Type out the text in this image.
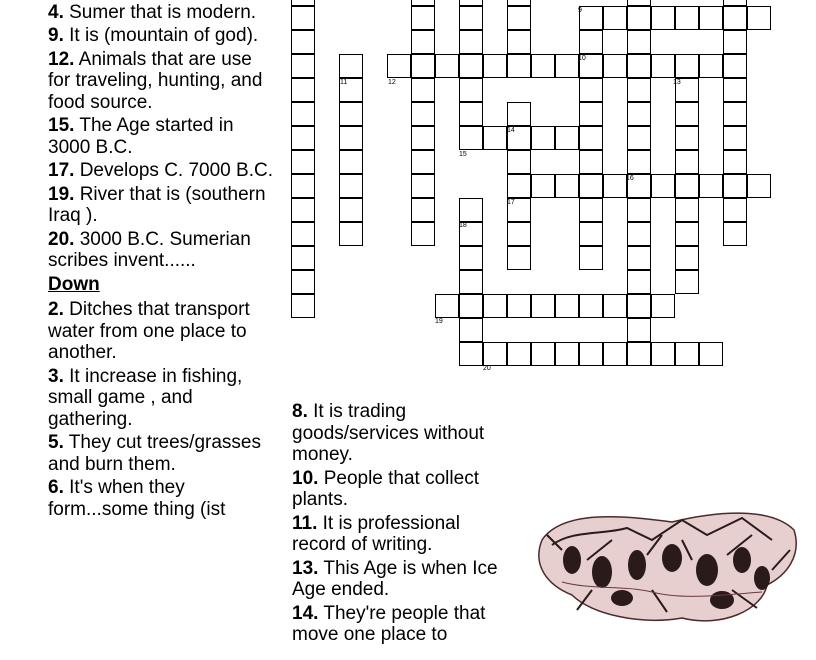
4. Sumer that is modern.
9. It is (mountain of god).
12. Animals that are use for traveling, hunting, and food source.
15. The Age started in 3000 B.C.
17. Develops C. 7000 B.C.
19. River that is (southern Iraq ).
20. 3000 B.C. Sumerian scribes invent......
Down
2. Ditches that transport water from one place to another.
3. It increase in fishing, small game , and gathering.
5. They cut trees/grasses and burn them.
6. It's when they form...some thing (ist
8. It is trading goods/services without money.
10. People that collect plants.
11. It is professional record of writing.
13. This Age is when Ice Age ended.
14. They're people that move one place to
9
10
11	12	13
14
15
16
17
18
19
20
